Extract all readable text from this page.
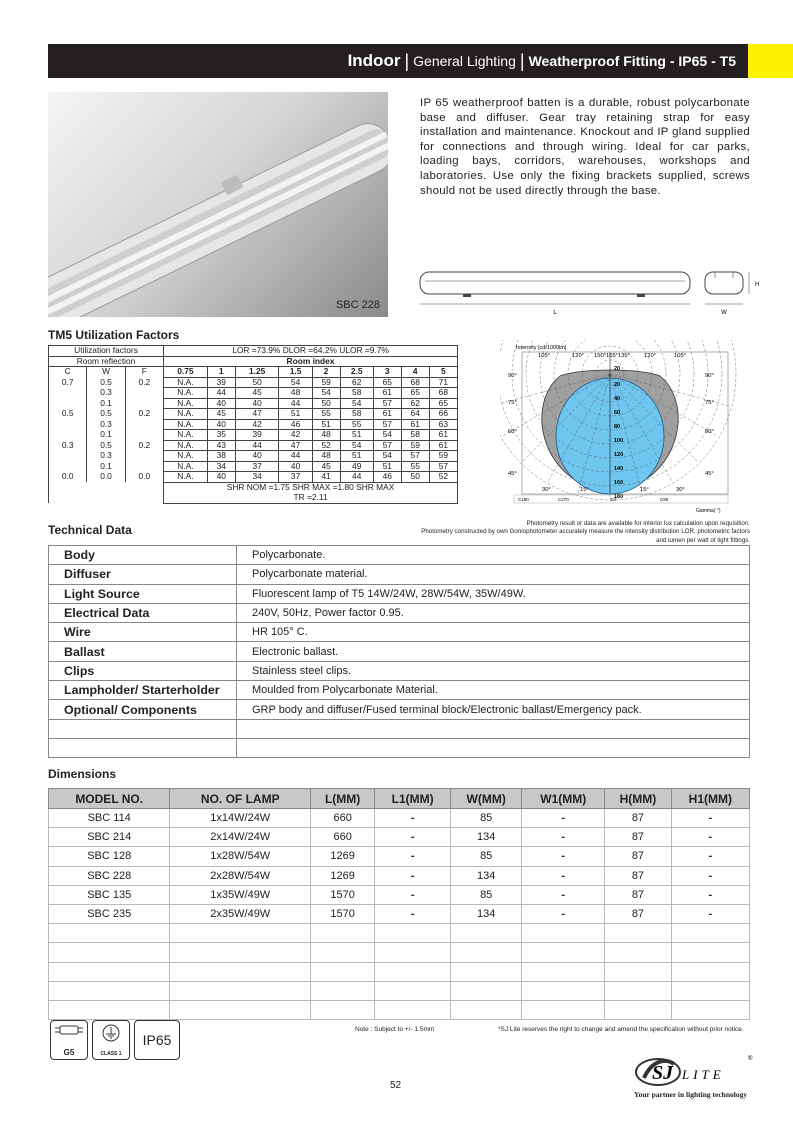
Indoor | General Lighting | Weatherproof Fitting - IP65 - T5
SBC 228
IP 65 weatherproof batten is a durable, robust polycarbonate base and diffuser. Gear tray retaining strap for easy installation and maintenance. Knockout and IP gland supplied for connections and through wiring. Ideal for car parks, loading bays, corridors, warehouses, workshops and laboratories. Use only the fixing brackets supplied, screws should not be used directly through the base.
L	W
H
TM5 Utilization Factors
Utilization factors			LOR =73.9% DLOR =64.2% ULOR =9.7%								
Room reflection			Room index								
C	W	F	0.75	1	1.25	1.5	2	2.5	3	4	5
0.7	0.5	0.2	N.A.	39	50	54	59	62	65	68	71
	0.3		N.A.	44	45	48	54	58	61	65	68
	0.1		N.A.	40	40	44	50	54	57	62	65
0.5	0.5	0.2	N.A.	45	47	51	55	58	61	64	66
	0.3		N.A.	40	42	46	51	55	57	61	63
	0.1		N.A.	35	39	42	48	51	54	58	61
0.3	0.5	0.2	N.A.	43	44	47	52	54	57	59	61
	0.3		N.A.	38	40	44	48	51	54	57	59
	0.1		N.A.	34	37	40	45	49	51	55	57
0.0	0.0	0.0	N.A.	40	34	37	41	44	46	50	52
			SHR NOM =1.75 SHR MAX =1.80 SHR MAX								
			TR =2.11								
Intensity [cd/1000lm]
20
40
60
80
100
120
140
160
180
20
105°	120° 150°165°135° 120°	105°
90°
75°
60°
45°
90°
75°
60°
45°
30°	15°	15°	30°
C180	C270	C0	C90
Gamma( °)
Photometry result or data are available for interior lux calculation upon requisition.
Photometry constructed by own Goniophotometer accurately measure the intensity distribution LOR, photometric factors and lumen per watt of light fittings.
Technical Data
Body	Polycarbonate.
Diffuser	Polycarbonate material.
Light Source	Fluorescent lamp of T5 14W/24W, 28W/54W, 35W/49W.
Electrical Data	240V, 50Hz, Power factor 0.95.
Wire	HR 105° C.
Ballast	Electronic ballast.
Clips	Stainless steel clips.
Lampholder/ Starterholder	Moulded from Polycarbonate Material.
Optional/ Components	GRP body and diffuser/Fused terminal block/Electronic ballast/Emergency pack.

Dimensions
MODEL NO.	NO. OF LAMP	L(MM)	L1(MM)	W(MM)	W1(MM)	H(MM)	H1(MM)
SBC 114	1x14W/24W	660	-	85	-	87	-
SBC 214	2x14W/24W	660	-	134	-	87	-
SBC 128	1x28W/54W	1269	-	85	-	87	-
SBC 228	2x28W/54W	1269	-	134	-	87	-
SBC 135	1x35W/49W	1570	-	85	-	87	-
SBC 235	2x35W/49W	1570	-	134	-	87	-

G5	CLASS 1
IP65
Note : Subject to +/- 1.5mm	*SJ Lite reserves the right to change and amend the specification without prior notice.
52
SJ LITE
®
Your partner in lighting technology
